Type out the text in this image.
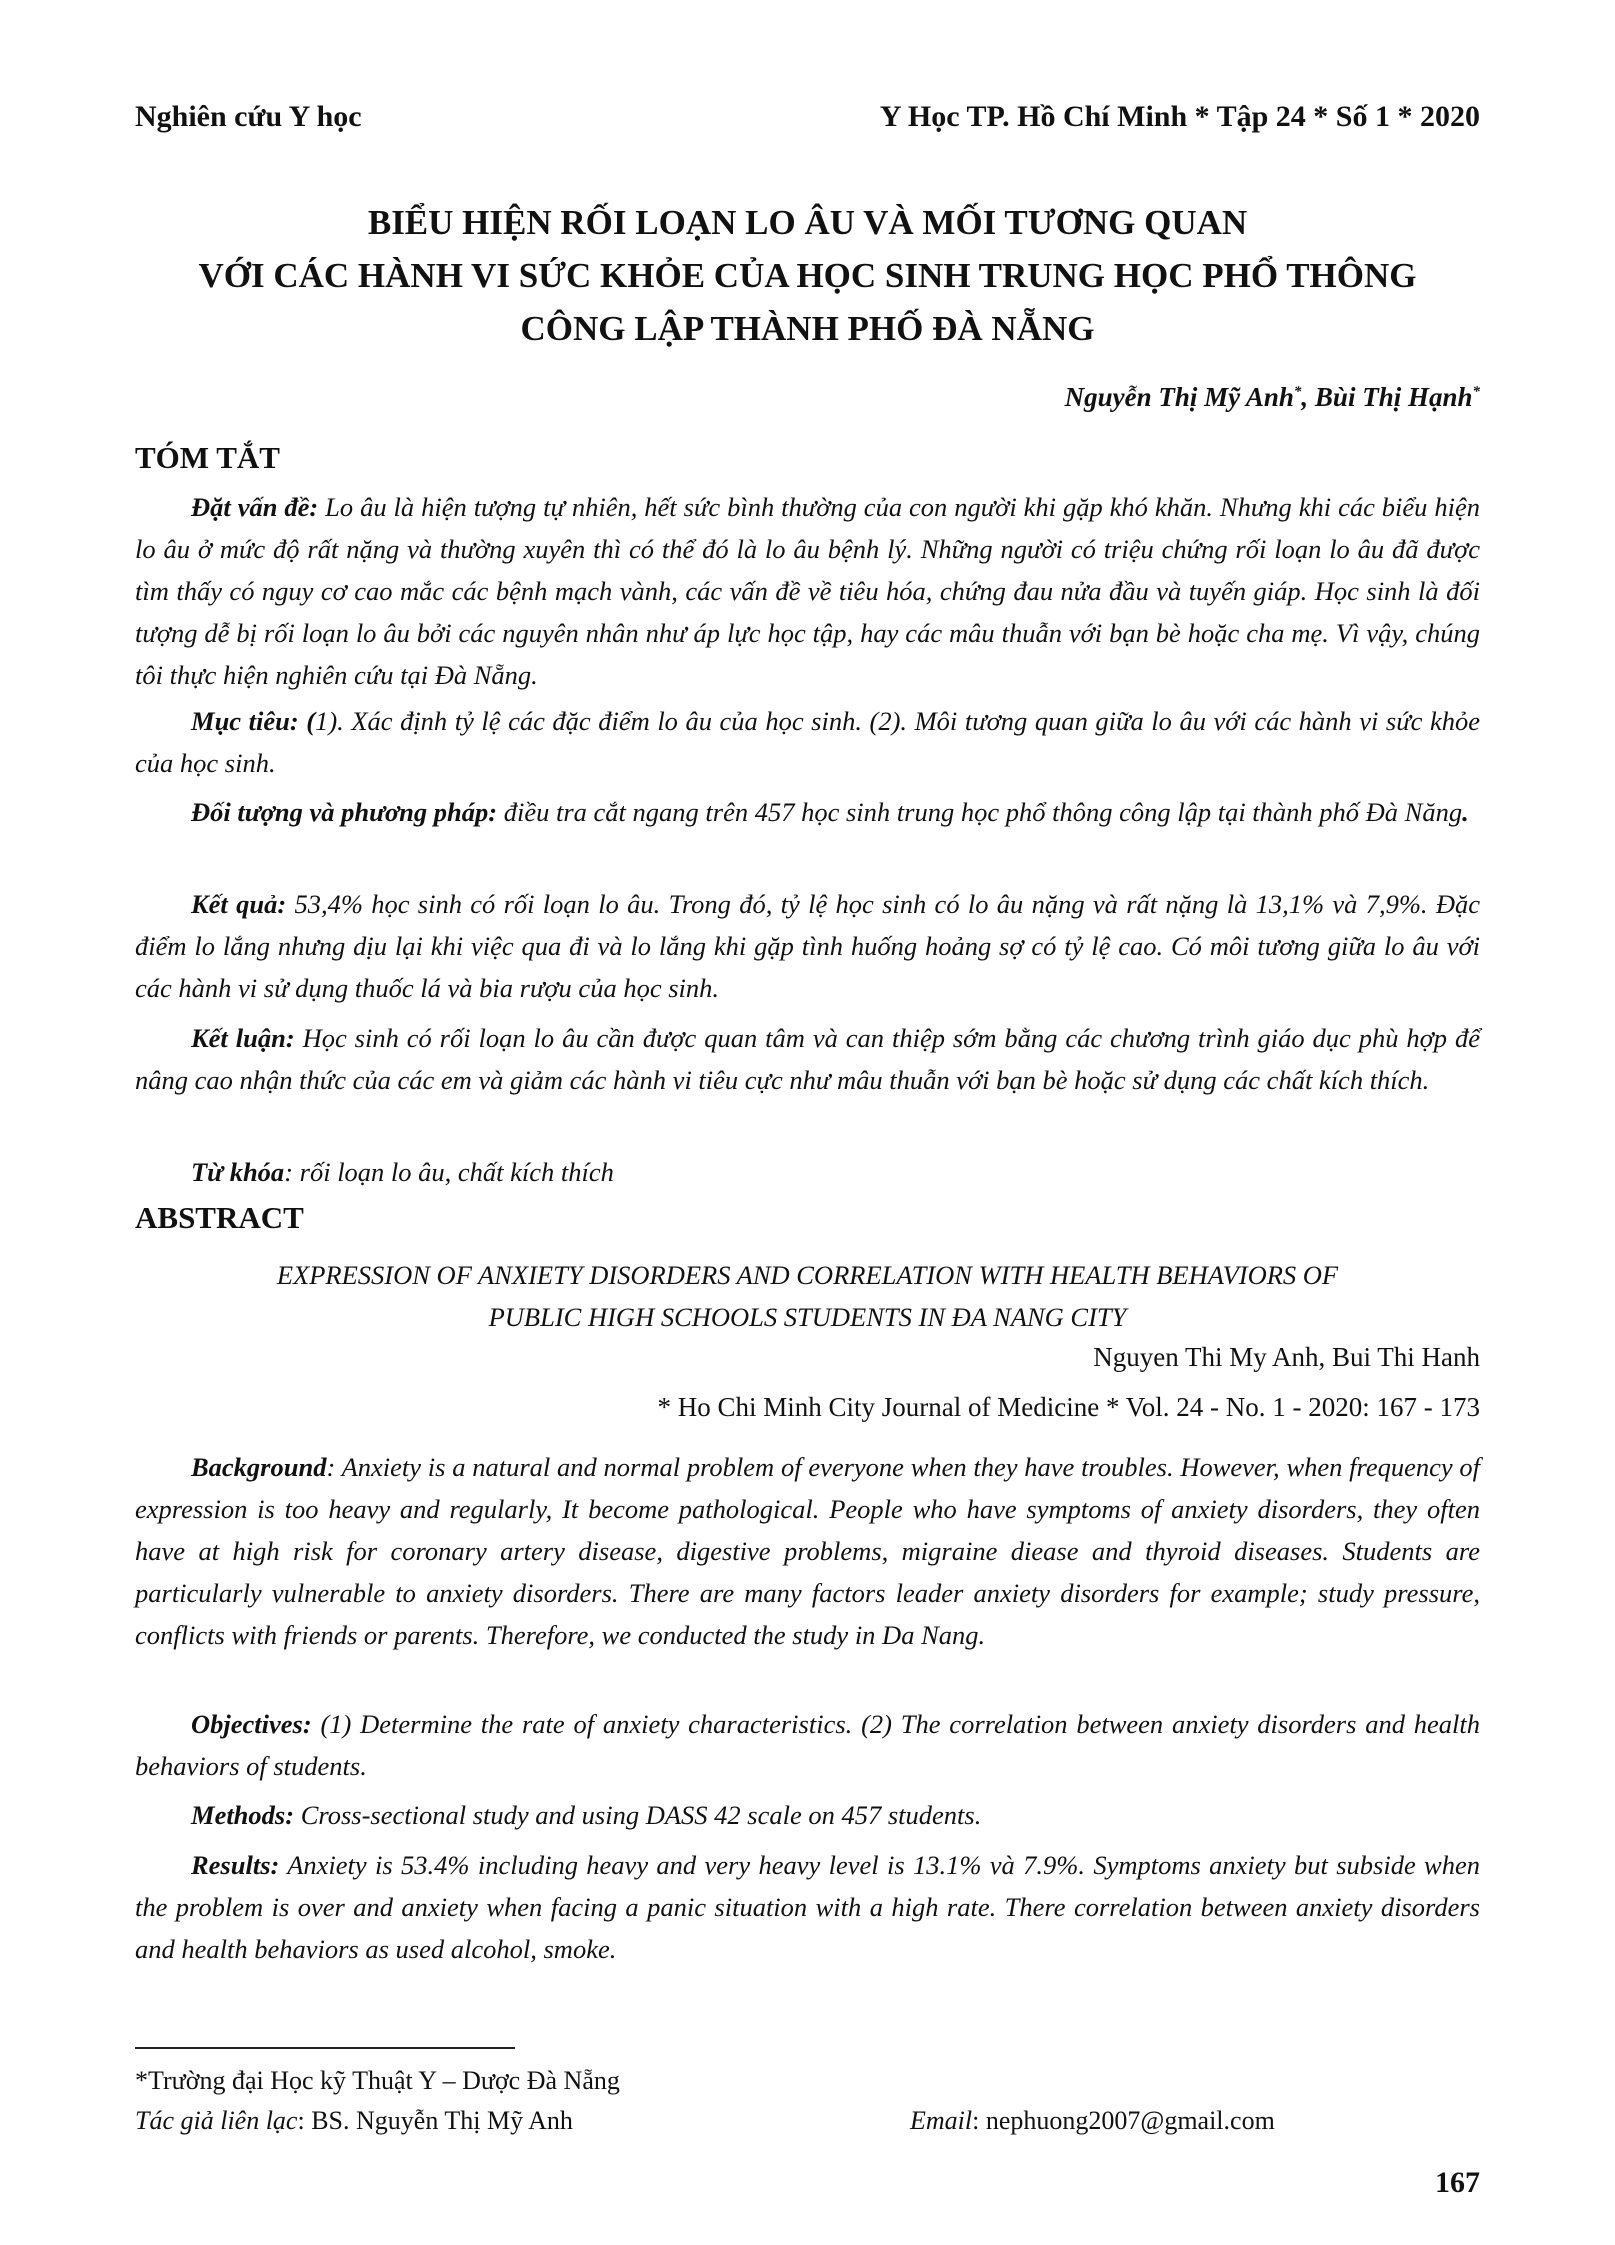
Nghiên cứu Y học	Y Học TP. Hồ Chí Minh * Tập 24 * Số 1 * 2020
BIỂU HIỆN RỐI LOẠN LO ÂU VÀ MỐI TƯƠNG QUAN
VỚI CÁC HÀNH VI SỨC KHỎE CỦA HỌC SINH TRUNG HỌC PHỔ THÔNG
CÔNG LẬP THÀNH PHỐ ĐÀ NẴNG
Nguyễn Thị Mỹ Anh*, Bùi Thị Hạnh*
TÓM TẮT
Đặt vấn đề: Lo âu là hiện tượng tự nhiên, hết sức bình thường của con người khi gặp khó khăn. Nhưng khi các biểu hiện lo âu ở mức độ rất nặng và thường xuyên thì có thể đó là lo âu bệnh lý. Những người có triệu chứng rối loạn lo âu đã được tìm thấy có nguy cơ cao mắc các bệnh mạch vành, các vấn đề về tiêu hóa, chứng đau nửa đầu và tuyến giáp. Học sinh là đối tượng dễ bị rối loạn lo âu bởi các nguyên nhân như áp lực học tập, hay các mâu thuẫn với bạn bè hoặc cha mẹ. Vì vậy, chúng tôi thực hiện nghiên cứu tại Đà Nẵng.
Mục tiêu: (1). Xác định tỷ lệ các đặc điểm lo âu của học sinh. (2). Môi tương quan giữa lo âu với các hành vi sức khỏe của học sinh.
Đối tượng và phương pháp: điều tra cắt ngang trên 457 học sinh trung học phổ thông công lập tại thành phố Đà Năng.
Kết quả: 53,4% học sinh có rối loạn lo âu. Trong đó, tỷ lệ học sinh có lo âu nặng và rất nặng là 13,1% và 7,9%. Đặc điểm lo lắng nhưng dịu lại khi việc qua đi và lo lắng khi gặp tình huống hoảng sợ có tỷ lệ cao. Có môi tương giữa lo âu với các hành vi sử dụng thuốc lá và bia rượu của học sinh.
Kết luận: Học sinh có rối loạn lo âu cần được quan tâm và can thiệp sớm bằng các chương trình giáo dục phù hợp để nâng cao nhận thức của các em và giảm các hành vi tiêu cực như mâu thuẫn với bạn bè hoặc sử dụng các chất kích thích.
Từ khóa: rối loạn lo âu, chất kích thích
ABSTRACT
EXPRESSION OF ANXIETY DISORDERS AND CORRELATION WITH HEALTH BEHAVIORS OF
PUBLIC HIGH SCHOOLS STUDENTS IN ĐA NANG CITY
Nguyen Thi My Anh, Bui Thi Hanh
* Ho Chi Minh City Journal of Medicine * Vol. 24 - No. 1 - 2020: 167 - 173
Background: Anxiety is a natural and normal problem of everyone when they have troubles. However, when frequency of expression is too heavy and regularly, It become pathological. People who have symptoms of anxiety disorders, they often have at high risk for coronary artery disease, digestive problems, migraine diease and thyroid diseases. Students are particularly vulnerable to anxiety disorders. There are many factors leader anxiety disorders for example; study pressure, conflicts with friends or parents. Therefore, we conducted the study in Da Nang.
Objectives: (1) Determine the rate of anxiety characteristics. (2) The correlation between anxiety disorders and health behaviors of students.
Methods: Cross-sectional study and using DASS 42 scale on 457 students.
Results: Anxiety is 53.4% including heavy and very heavy level is 13.1% và 7.9%. Symptoms anxiety but subside when the problem is over and anxiety when facing a panic situation with a high rate. There correlation between anxiety disorders and health behaviors as used alcohol, smoke.
*Trường đại Học kỹ Thuật Y – Dược Đà Nẵng
Tác giả liên lạc: BS. Nguyễn Thị Mỹ Anh	Email: nephuong2007@gmail.com
167
